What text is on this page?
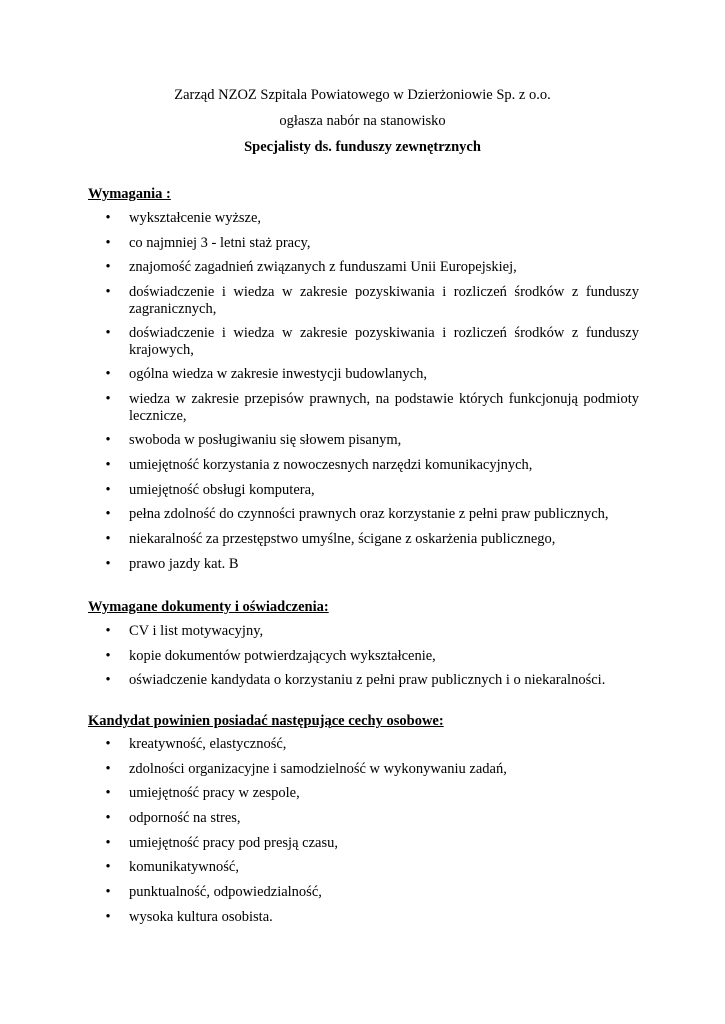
Zarząd NZOZ Szpitala Powiatowego w Dzierżoniowie Sp. z o.o.
ogłasza nabór na stanowisko
Specjalisty ds. funduszy zewnętrznych
Wymagania :
• wykształcenie wyższe,
• co najmniej 3 - letni staż pracy,
• znajomość zagadnień związanych z funduszami Unii Europejskiej,
• doświadczenie i wiedza w zakresie pozyskiwania i rozliczeń środków z funduszy zagranicznych,
• doświadczenie i wiedza w zakresie pozyskiwania i rozliczeń środków z funduszy krajowych,
• ogólna wiedza w zakresie inwestycji budowlanych,
• wiedza w zakresie przepisów prawnych, na podstawie których funkcjonują podmioty lecznicze,
• swoboda w posługiwaniu się słowem pisanym,
• umiejętność korzystania z nowoczesnych narzędzi komunikacyjnych,
• umiejętność obsługi komputera,
• pełna zdolność do czynności prawnych oraz korzystanie z pełni praw publicznych,
• niekaralność za przestępstwo umyślne, ścigane z oskarżenia publicznego,
• prawo jazdy kat. B
Wymagane dokumenty i oświadczenia:
• CV i list motywacyjny,
• kopie dokumentów potwierdzających wykształcenie,
• oświadczenie kandydata o korzystaniu z pełni praw publicznych i o niekaralności.
Kandydat powinien posiadać następujące cechy osobowe:
• kreatywność, elastyczność,
• zdolności organizacyjne i samodzielność w wykonywaniu zadań,
• umiejętność pracy w zespole,
• odporność na stres,
• umiejętność pracy pod presją czasu,
• komunikatywność,
• punktualność, odpowiedzialność,
• wysoka kultura osobista.
